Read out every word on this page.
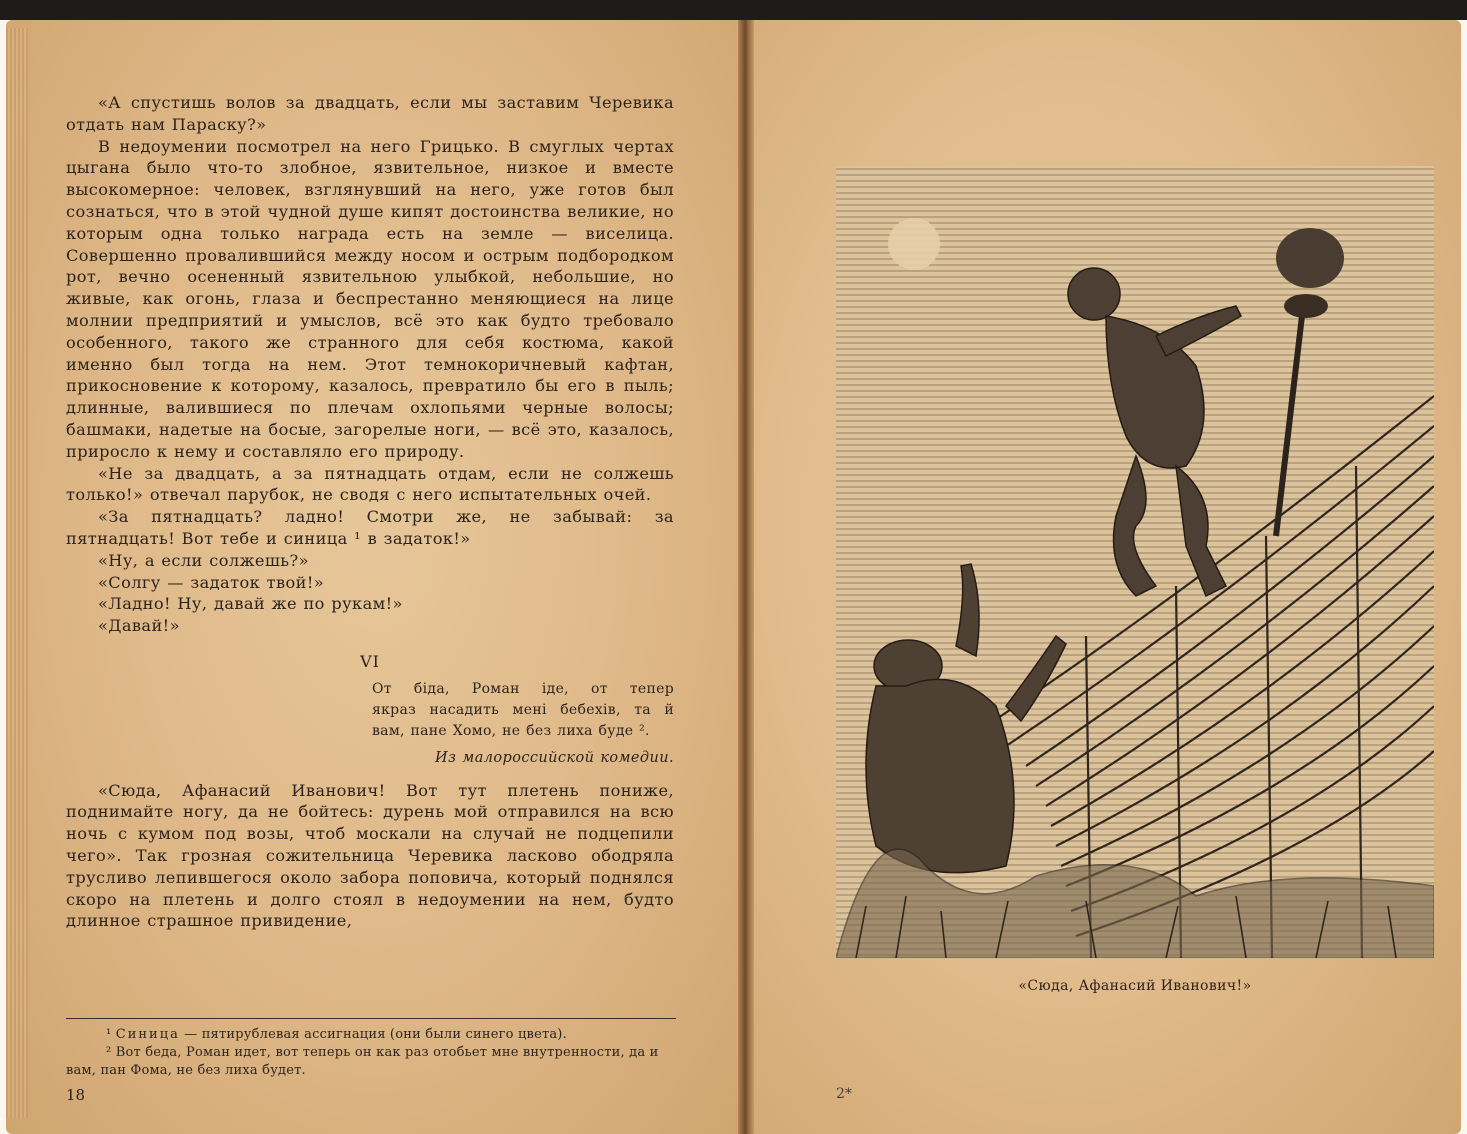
«А спустишь волов за двадцать, если мы заставим Черевика отдать нам Параску?»

В недоумении посмотрел на него Грицько. В смуглых чертах цыгана было что-то злобное, язвительное, низкое и вместе высокомерное: человек, взглянувший на него, уже готов был сознаться, что в этой чудной душе кипят достоинства великие, но которым одна только награда есть на земле — виселица. Совершенно провалившийся между носом и острым подбородком рот, вечно осененный язвительною улыбкой, небольшие, но живые, как огонь, глаза и беспрестанно меняющиеся на лице молнии предприятий и умыслов, всё это как будто требовало особенного, такого же странного для себя костюма, какой именно был тогда на нем. Этот темнокоричневый кафтан, прикосновение к которому, казалось, превратило бы его в пыль; длинные, валившиеся по плечам охлопьями черные волосы; башмаки, надетые на босые, загорелые ноги, — всё это, казалось, приросло к нему и составляло его природу.

«Не за двадцать, а за пятнадцать отдам, если не солжешь только!» отвечал парубок, не сводя с него испытательных очей.

«За пятнадцать? ладно! Смотри же, не забывай: за пятнадцать! Вот тебе и синица ¹ в задаток!»

«Ну, а если солжешь?»

«Солгу — задаток твой!»

«Ладно! Ну, давай же по рукам!»

«Давай!»

VI
От біда, Роман іде, от тепер
якраз насадить мені бебехів, та й
вам, пане Хомо, не без лиха буде ².
Из малороссийской комедии.

«Сюда, Афанасий Иванович! Вот тут плетень пониже, поднимайте ногу, да не бойтесь: дурень мой отправился на всю ночь с кумом под возы, чтоб москали на случай не подцепили чего». Так грозная сожительница Черевика ласково ободряла трусливо лепившегося около забора поповича, который поднялся скоро на плетень и долго стоял в недоумении на нем, будто длинное страшное привидение,

¹ Синица — пятирублевая ассигнация (они были синего цвета).

² Вот беда, Роман идет, вот теперь он как раз отобьет мне внутренности, да и вам, пан Фома, не без лиха будет.

18
«Сюда, Афанасий Иванович!»
2*
